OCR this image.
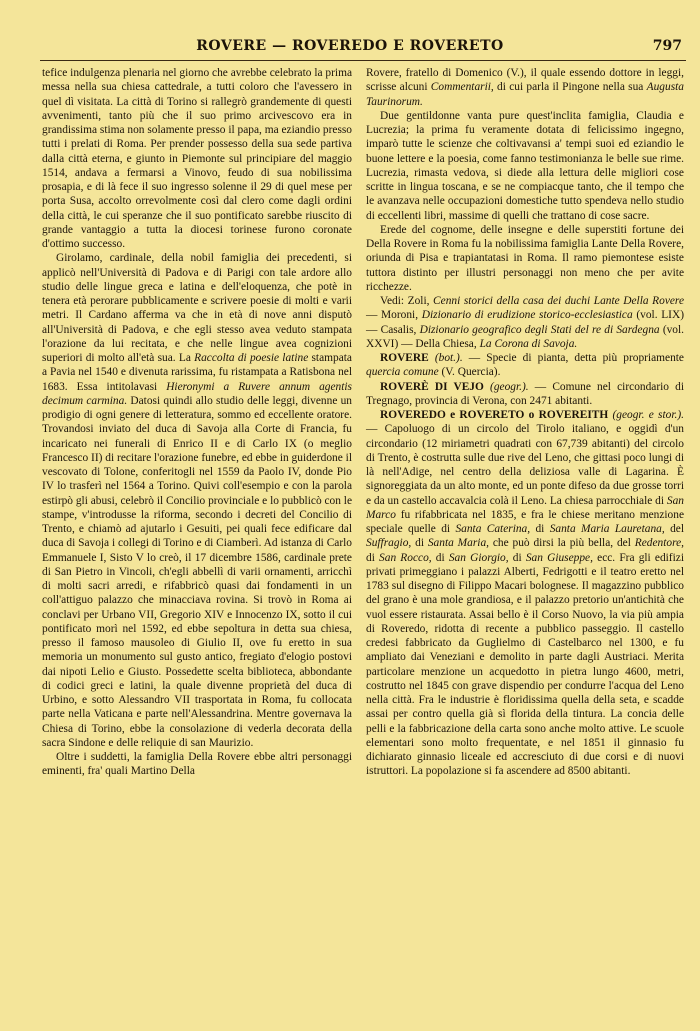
ROVERE — ROVEREDO E ROVERETO	797

tefice indulgenza plenaria nel giorno che avrebbe celebrato la prima messa nella sua chiesa cattedrale, a tutti coloro che l'avessero in quel dì visitata. La città di Torino si rallegrò grandemente di questi avvenimenti, tanto più che il suo primo arcivescovo era in grandissima stima non solamente presso il papa, ma eziandio presso tutti i prelati di Roma. Per prender possesso della sua sede partiva dalla città eterna, e giunto in Piemonte sul principiare del maggio 1514, andava a fermarsi a Vinovo, feudo di sua nobilissima prosapia, e di là fece il suo ingresso solenne il 29 di quel mese per porta Susa, accolto orrevolmente così dal clero come dagli ordini della città, le cui speranze che il suo pontificato sarebbe riuscito di grande vantaggio a tutta la diocesi torinese furono coronate d'ottimo successo.

Girolamo, cardinale, della nobil famiglia dei precedenti, si applicò nell'Università di Padova e di Parigi con tale ardore allo studio delle lingue greca e latina e dell'eloquenza, che potè in tenera età perorare pubblicamente e scrivere poesie di molti e varii metri. Il Cardano afferma va che in età di nove anni disputò all'Università di Padova, e che egli stesso avea veduto stampata l'orazione da lui recitata, e che nelle lingue avea cognizioni superiori di molto all'età sua. La Raccolta di poesie latine stampata a Pavia nel 1540 e divenuta rarissima, fu ristampata a Ratisbona nel 1683. Essa intitolavasi Hieronymi a Ruvere annum agentis decimum carmina. Datosi quindi allo studio delle leggi, divenne un prodigio di ogni genere di letteratura, sommo ed eccellente oratore. Trovandosi inviato del duca di Savoja alla Corte di Francia, fu incaricato nei funerali di Enrico II e di Carlo IX (o meglio Francesco II) di recitare l'orazione funebre, ed ebbe in guiderdone il vescovato di Tolone, conferitogli nel 1559 da Paolo IV, donde Pio IV lo trasferì nel 1564 a Torino. Quivi coll'esempio e con la parola estirpò gli abusi, celebrò il Concilio provinciale e lo pubblicò con le stampe, v'introdusse la riforma, secondo i decreti del Concilio di Trento, e chiamò ad ajutarlo i Gesuiti, pei quali fece edificare dal duca di Savoja i collegi di Torino e di Ciamberì. Ad istanza di Carlo Emmanuele I, Sisto V lo creò, il 17 dicembre 1586, cardinale prete di San Pietro in Vincoli, ch'egli abbellì di varii ornamenti, arricchì di molti sacri arredi, e rifabbricò quasi dai fondamenti in un coll'attiguo palazzo che minacciava rovina. Si trovò in Roma ai conclavi per Urbano VII, Gregorio XIV e Innocenzo IX, sotto il cui pontificato morì nel 1592, ed ebbe sepoltura in detta sua chiesa, presso il famoso mausoleo di Giulio II, ove fu eretto in sua memoria un monumento sul gusto antico, fregiato d'elogio postovi dai nipoti Lelio e Giusto. Possedette scelta biblioteca, abbondante di codici greci e latini, la quale divenne proprietà del duca di Urbino, e sotto Alessandro VII trasportata in Roma, fu collocata parte nella Vaticana e parte nell'Alessandrina. Mentre governava la Chiesa di Torino, ebbe la consolazione di vederla decorata della sacra Sindone e delle reliquie di san Maurizio.

Oltre i suddetti, la famiglia Della Rovere ebbe altri personaggi eminenti, fra' quali Martino Della

Rovere, fratello di Domenico (V.), il quale essendo dottore in leggi, scrisse alcuni Commentarii, di cui parla il Pingone nella sua Augusta Taurinorum.

Due gentildonne vanta pure quest'inclita famiglia, Claudia e Lucrezia; la prima fu veramente dotata di felicissimo ingegno, imparò tutte le scienze che coltivavansi a' tempi suoi ed eziandio le buone lettere e la poesia, come fanno testimonianza le belle sue rime. Lucrezia, rimasta vedova, si diede alla lettura delle migliori cose scritte in lingua toscana, e se ne compiacque tanto, che il tempo che le avanzava nelle occupazioni domestiche tutto spendeva nello studio di eccellenti libri, massime di quelli che trattano di cose sacre.

Erede del cognome, delle insegne e delle superstiti fortune dei Della Rovere in Roma fu la nobilissima famiglia Lante Della Rovere, oriunda di Pisa e trapiantatasi in Roma. Il ramo piemontese esiste tuttora distinto per illustri personaggi non meno che per avite ricchezze.

Vedi: Zoli, Cenni storici della casa dei duchi Lante Della Rovere — Moroni, Dizionario di erudizione storico-ecclesiastica (vol. LIX) — Casalis, Dizionario geografico degli Stati del re di Sardegna (vol. XXVI) — Della Chiesa, La Corona di Savoja.

ROVERE (bot.). — Specie di pianta, detta più propriamente quercia comune (V. Quercia).

ROVERÈ DI VEJO (geogr.). — Comune nel circondario di Tregnago, provincia di Verona, con 2471 abitanti.

ROVEREDO e ROVERETO o ROVEREITH (geogr. e stor.). — Capoluogo di un circolo del Tirolo italiano, e oggidì d'un circondario (12 miriametri quadrati con 67,739 abitanti) del circolo di Trento, è costrutta sulle due rive del Leno, che gittasi poco lungi di là nell'Adige, nel centro della deliziosa valle di Lagarina. È signoreggiata da un alto monte, ed un ponte difeso da due grosse torri e da un castello accavalcia colà il Leno. La chiesa parrocchiale di San Marco fu rifabbricata nel 1835, e fra le chiese meritano menzione speciale quelle di Santa Caterina, di Santa Maria Lauretana, del Suffragio, di Santa Maria, che può dirsi la più bella, del Redentore, di San Rocco, di San Giorgio, di San Giuseppe, ecc. Fra gli edifizi privati primeggiano i palazzi Alberti, Fedrigotti e il teatro eretto nel 1783 sul disegno di Filippo Macari bolognese. Il magazzino pubblico del grano è una mole grandiosa, e il palazzo pretorio un'antichità che vuol essere ristaurata. Assai bello è il Corso Nuovo, la via più ampia di Roveredo, ridotta di recente a pubblico passeggio. Il castello credesi fabbricato da Guglielmo di Castelbarco nel 1300, e fu ampliato dai Veneziani e demolito in parte dagli Austriaci. Merita particolare menzione un acquedotto in pietra lungo 4600, metri, costrutto nel 1845 con grave dispendio per condurre l'acqua del Leno nella città. Fra le industrie è floridissima quella della seta, e scadde assai per contro quella già sì florida della tintura. La concia delle pelli e la fabbricazione della carta sono anche molto attive. Le scuole elementari sono molto frequentate, e nel 1851 il ginnasio fu dichiarato ginnasio liceale ed accresciuto di due corsi e di nuovi istruttori. La popolazione si fa ascendere ad 8500 abitanti.
